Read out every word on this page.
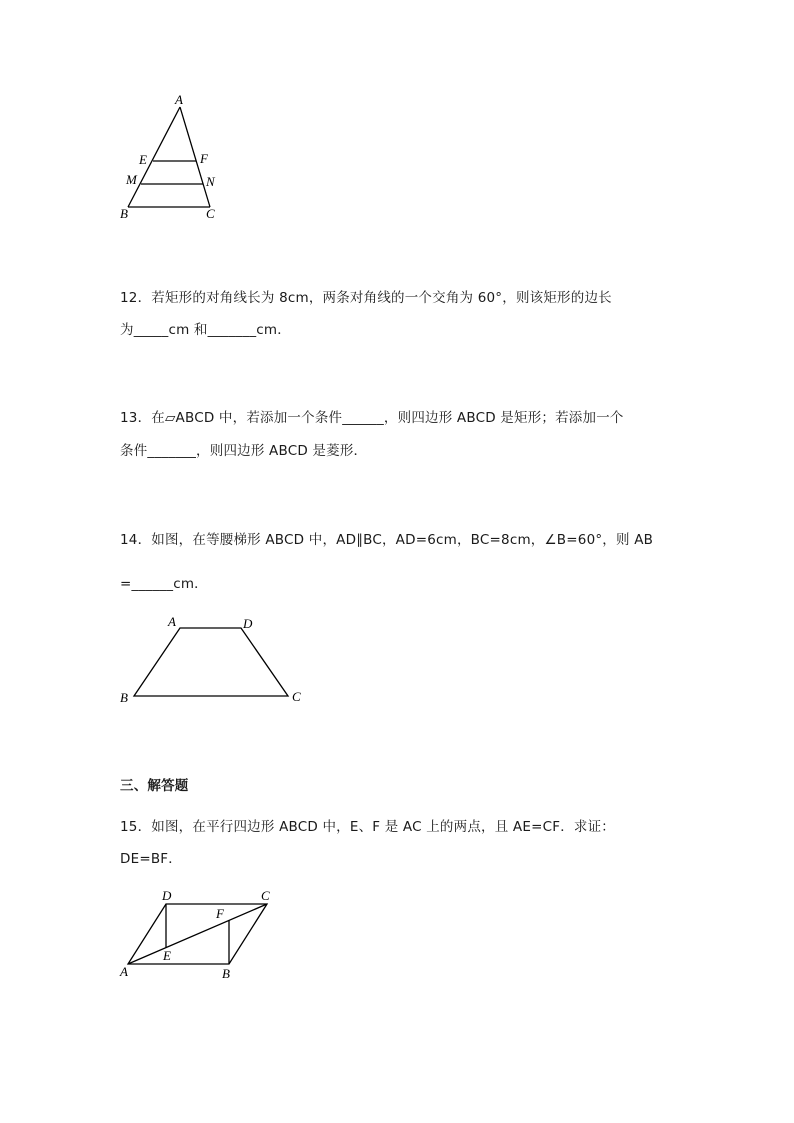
A
E	F
M	N
B	C
12．若矩形的对角线长为 8cm，两条对角线的一个交角为 60°，则该矩形的边长
为_____cm 和_______cm．
13．在▱ABCD 中，若添加一个条件______，则四边形 ABCD 是矩形；若添加一个
条件_______，则四边形 ABCD 是菱形．
14．如图，在等腰梯形 ABCD 中，AD∥BC，AD=6cm，BC=8cm，∠B=60°，则 AB
=______cm．
A	D
B	C
三、解答题
15．如图，在平行四边形 ABCD 中，E、F 是 AC 上的两点，且 AE=CF．求证：
DE=BF．
D	C
F
E
A	B
